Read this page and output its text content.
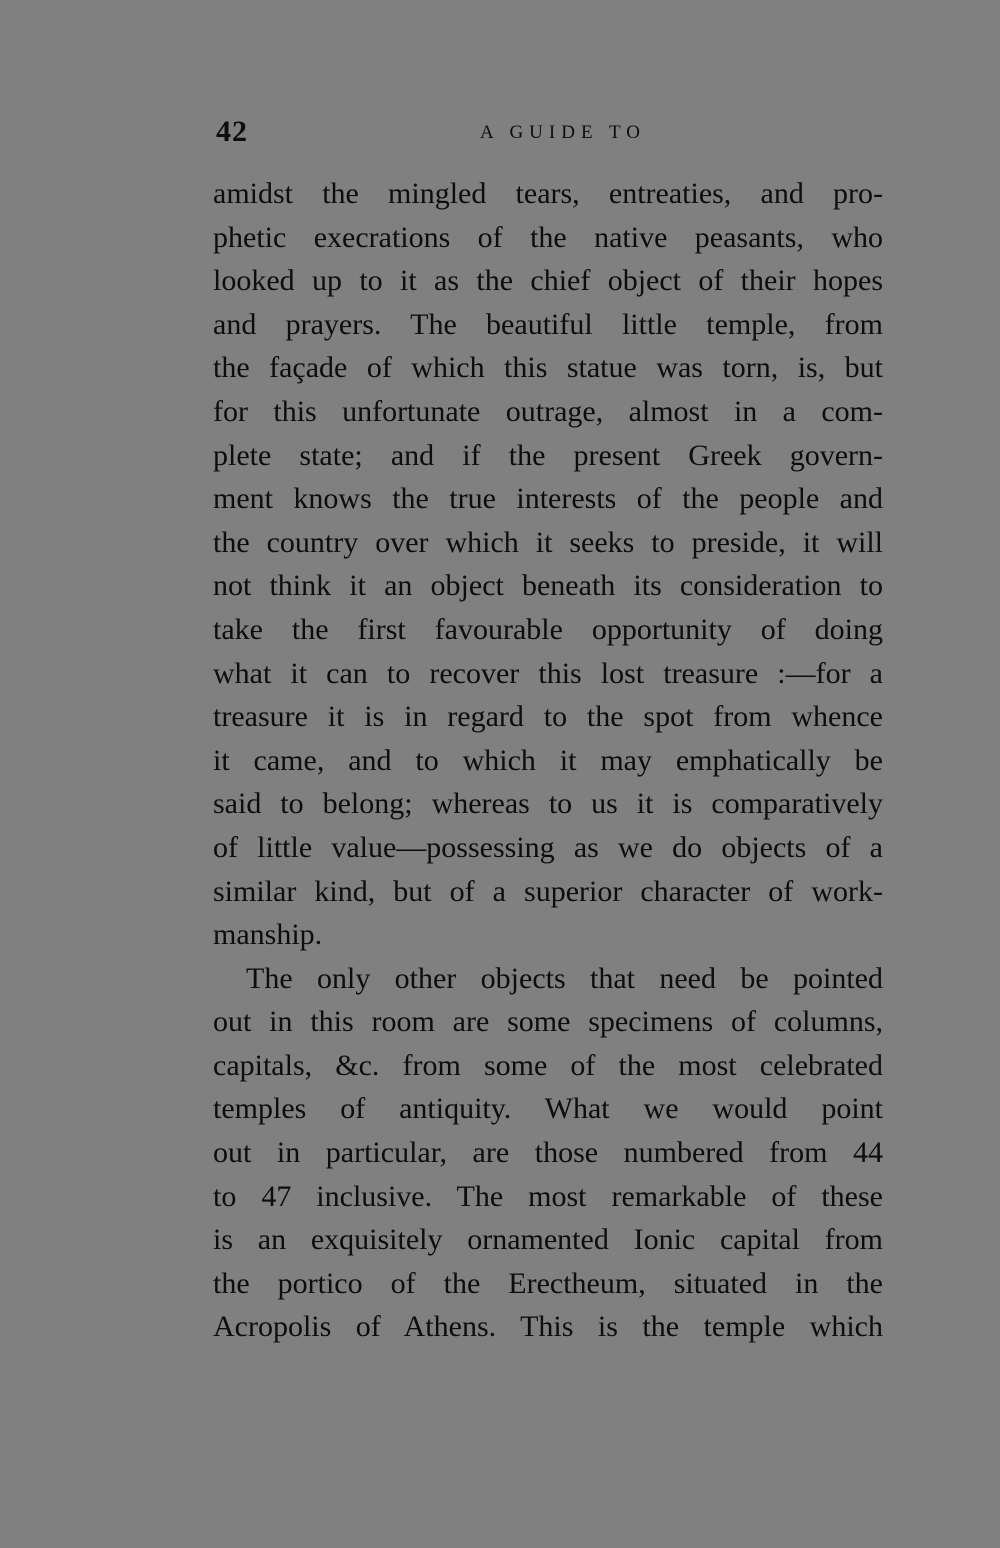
42	A GUIDE TO
amidst the mingled tears, entreaties, and pro-
phetic execrations of the native peasants, who
looked up to it as the chief object of their hopes
and prayers. The beautiful little temple, from
the façade of which this statue was torn, is, but
for this unfortunate outrage, almost in a com-
plete state; and if the present Greek govern-
ment knows the true interests of the people and
the country over which it seeks to preside, it will
not think it an object beneath its consideration to
take the first favourable opportunity of doing
what it can to recover this lost treasure :—for a
treasure it is in regard to the spot from whence
it came, and to which it may emphatically be
said to belong; whereas to us it is comparatively
of little value—possessing as we do objects of a
similar kind, but of a superior character of work-
manship.
The only other objects that need be pointed
out in this room are some specimens of columns,
capitals, &c. from some of the most celebrated
temples of antiquity. What we would point
out in particular, are those numbered from 44
to 47 inclusive. The most remarkable of these
is an exquisitely ornamented Ionic capital from
the portico of the Erectheum, situated in the
Acropolis of Athens. This is the temple which
